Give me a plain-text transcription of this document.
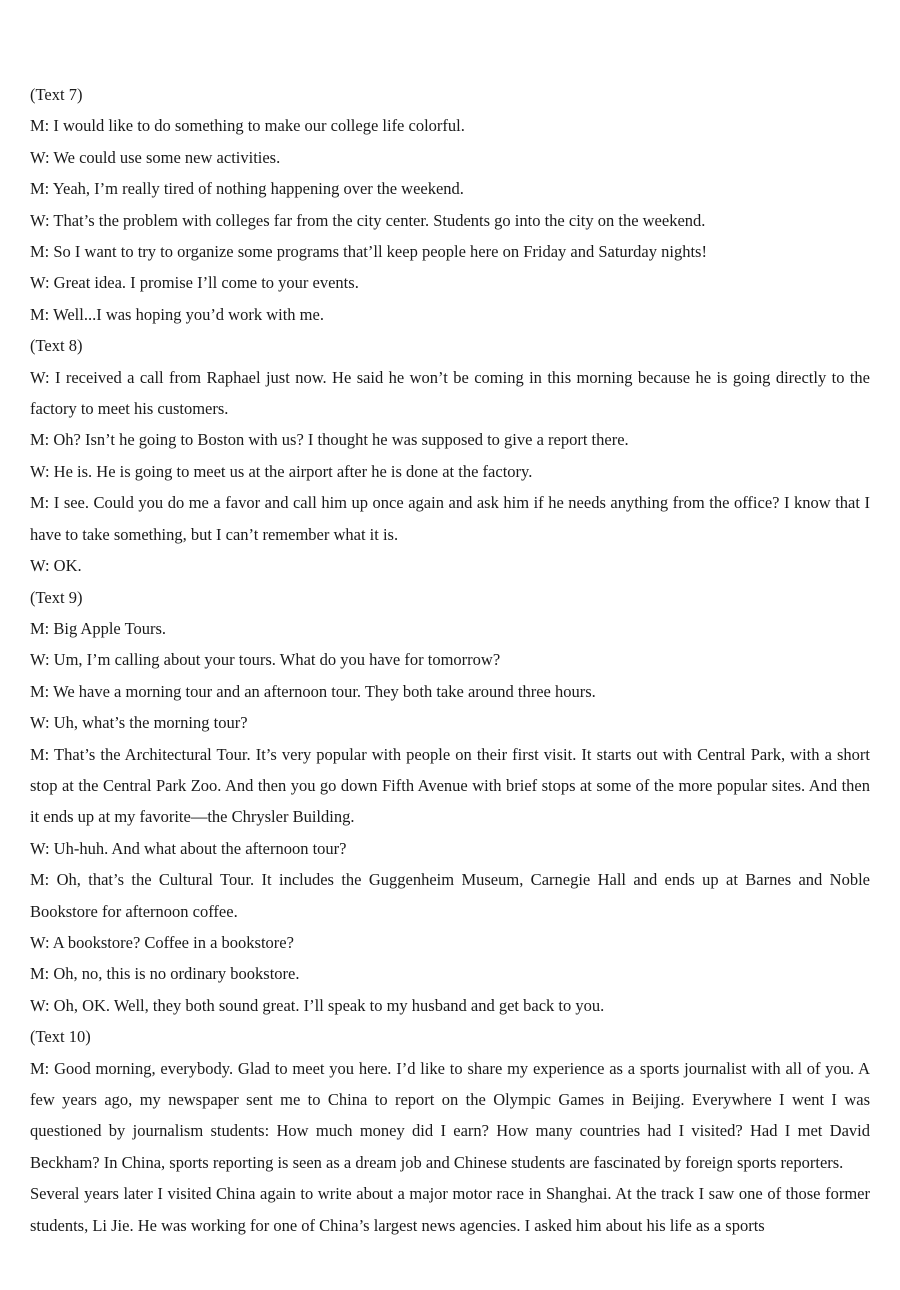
(Text 7)

M: I would like to do something to make our college life colorful.

W: We could use some new activities.

M: Yeah, I’m really tired of nothing happening over the weekend.

W: That’s the problem with colleges far from the city center. Students go into the city on the weekend.

M: So I want to try to organize some programs that’ll keep people here on Friday and Saturday nights!

W: Great idea. I promise I’ll come to your events.

M: Well...I was hoping you’d work with me.

(Text 8)

W: I received a call from Raphael just now. He said he won’t be coming in this morning because he is going directly to the factory to meet his customers.

M: Oh? Isn’t he going to Boston with us? I thought he was supposed to give a report there.

W: He is. He is going to meet us at the airport after he is done at the factory.

M: I see. Could you do me a favor and call him up once again and ask him if he needs anything from the office? I know that I have to take something, but I can’t remember what it is.

W: OK.

(Text 9)

M: Big Apple Tours.

W: Um, I’m calling about your tours. What do you have for tomorrow?

M: We have a morning tour and an afternoon tour. They both take around three hours.

W: Uh, what’s the morning tour?

M: That’s the Architectural Tour. It’s very popular with people on their first visit. It starts out with Central Park, with a short stop at the Central Park Zoo. And then you go down Fifth Avenue with brief stops at some of the more popular sites. And then it ends up at my favorite—the Chrysler Building.

W: Uh-huh. And what about the afternoon tour?

M: Oh, that’s the Cultural Tour. It includes the Guggenheim Museum, Carnegie Hall and ends up at Barnes and Noble Bookstore for afternoon coffee.

W: A bookstore? Coffee in a bookstore?

M: Oh, no, this is no ordinary bookstore.

W: Oh, OK. Well, they both sound great. I’ll speak to my husband and get back to you.

(Text 10)

M: Good morning, everybody. Glad to meet you here. I’d like to share my experience as a sports journalist with all of you. A few years ago, my newspaper sent me to China to report on the Olympic Games in Beijing. Everywhere I went I was questioned by journalism students: How much money did I earn? How many countries had I visited? Had I met David Beckham? In China, sports reporting is seen as a dream job and Chinese students are fascinated by foreign sports reporters.

Several years later I visited China again to write about a major motor race in Shanghai. At the track I saw one of those former students, Li Jie. He was working for one of China’s largest news agencies. I asked him about his life as a sports
